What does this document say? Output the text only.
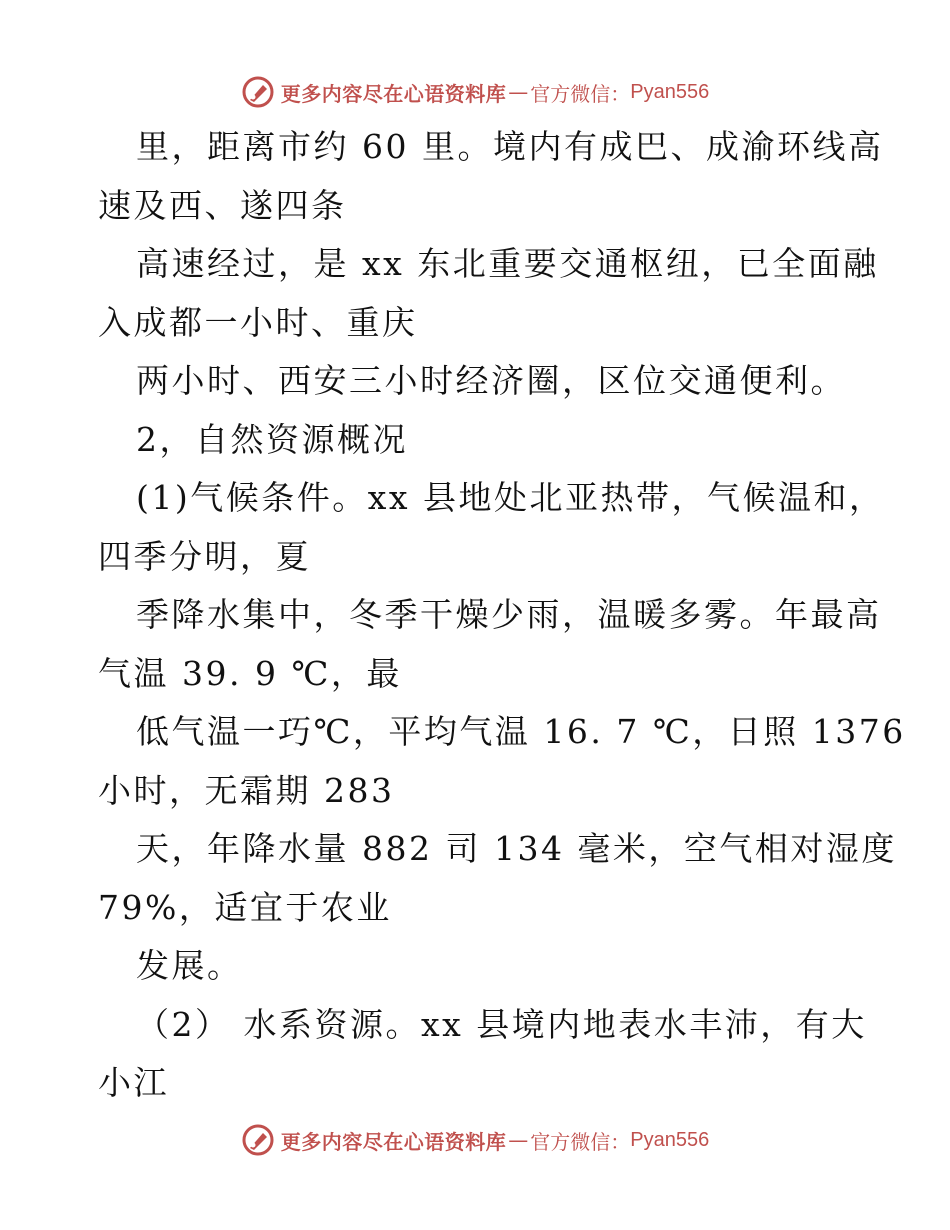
更多内容尽在心语资料库 — 官方微信： Pyan556
里，距离市约 60 里。境内有成巴、成渝环线高
速及西、遂四条
高速经过，是 xx 东北重要交通枢纽，已全面融
入成都一小时、重庆
两小时、西安三小时经济圈，区位交通便利。
2，自然资源概况
(1)气候条件。xx 县地处北亚热带，气候温和，
四季分明，夏
季降水集中，冬季干燥少雨，温暖多雾。年最高
气温 39. 9 ℃，最
低气温一巧℃，平均气温 16. 7 ℃，日照 1376
小时，无霜期 283
天，年降水量 882 司 134 毫米，空气相对湿度
79%，适宜于农业
发展。
（2） 水系资源。xx 县境内地表水丰沛，有大
小江
更多内容尽在心语资料库 — 官方微信： Pyan556
